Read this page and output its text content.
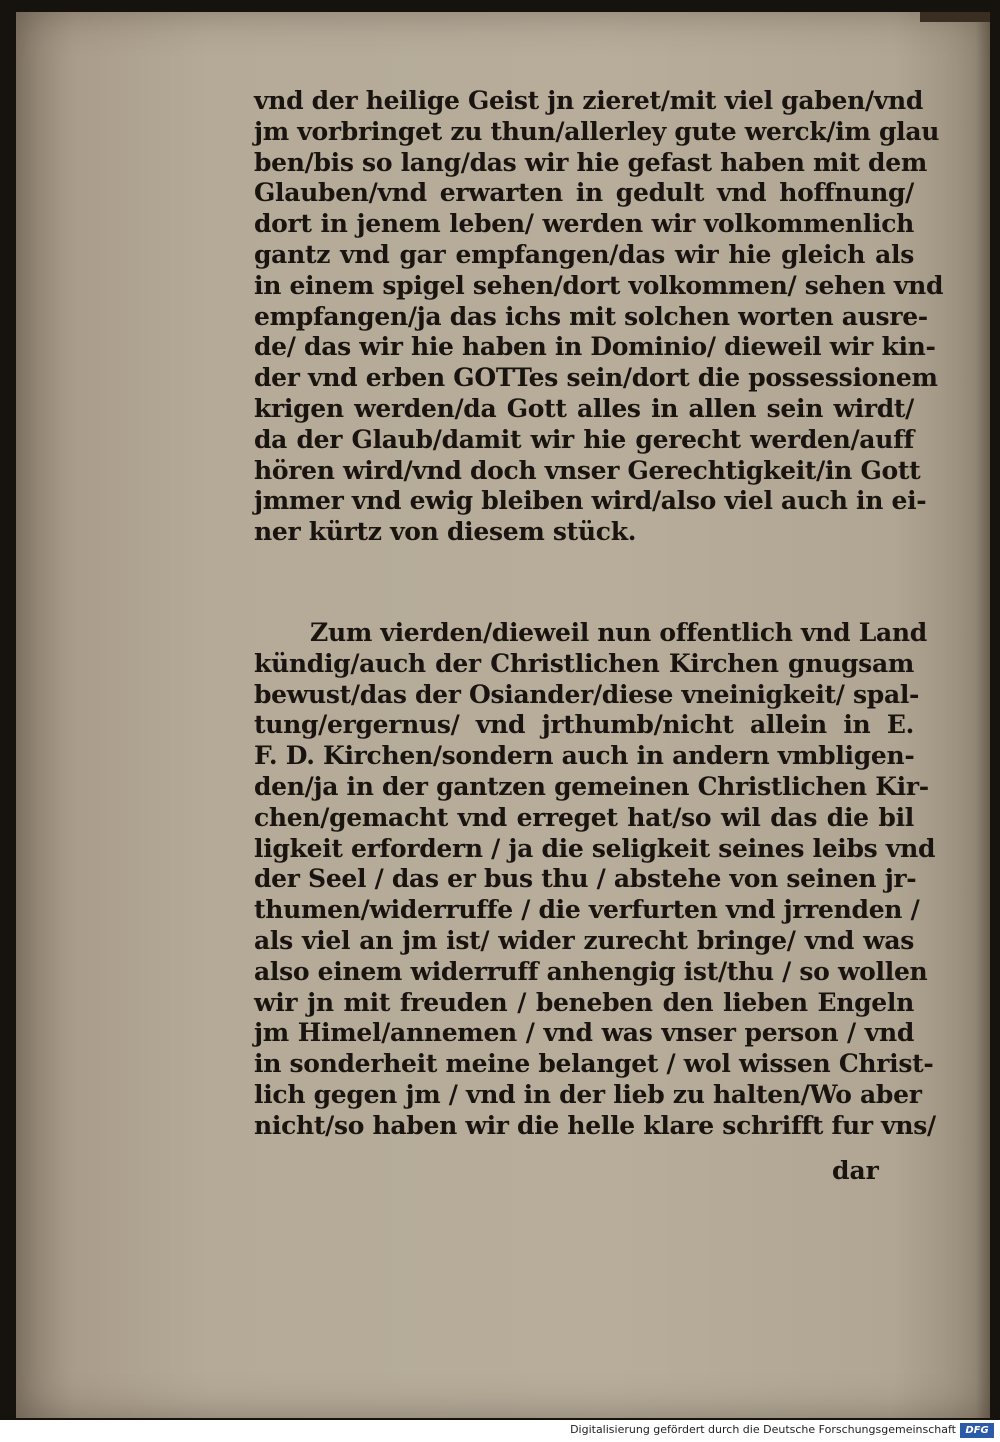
vnd der heilige Geist jn zieret/mit viel gaben/vnd
jm vorbringet zu thun/allerley gute werck/im glau
ben/bis so lang/das wir hie gefast haben mit dem
Glauben/vnd erwarten in gedult vnd hoffnung/
dort in jenem leben/ werden wir volkommenlich
gantz vnd gar empfangen/das wir hie gleich als
in einem spigel sehen/dort volkommen/ sehen vnd
empfangen/ja das ichs mit solchen worten ausre-
de/ das wir hie haben in Dominio/ dieweil wir kin-
der vnd erben GOTTes sein/dort die possessionem
krigen werden/da Gott alles in allen sein wirdt/
da der Glaub/damit wir hie gerecht werden/auff
hören wird/vnd doch vnser Gerechtigkeit/in Gott
jmmer vnd ewig bleiben wird/also viel auch in ei-
ner kürtz von diesem stück.
Zum vierden/dieweil nun offentlich vnd Land
kündig/auch der Christlichen Kirchen gnugsam
bewust/das der Osiander/diese vneinigkeit/ spal-
tung/ergernus/ vnd jrthumb/nicht allein in E.
F. D. Kirchen/sondern auch in andern vmbligen-
den/ja in der gantzen gemeinen Christlichen Kir-
chen/gemacht vnd erreget hat/so wil das die bil
ligkeit erfordern / ja die seligkeit seines leibs vnd
der Seel / das er bus thu / abstehe von seinen jr-
thumen/widerruffe / die verfurten vnd jrrenden /
als viel an jm ist/ wider zurecht bringe/ vnd was
also einem widerruff anhengig ist/thu / so wollen
wir jn mit freuden / beneben den lieben Engeln
jm Himel/annemen / vnd was vnser person / vnd
in sonderheit meine belanget / wol wissen Christ-
lich gegen jm / vnd in der lieb zu halten/Wo aber
nicht/so haben wir die helle klare schrifft fur vns/
dar
Digitalisierung gefördert durch die Deutsche Forschungsgemeinschaft DFG
